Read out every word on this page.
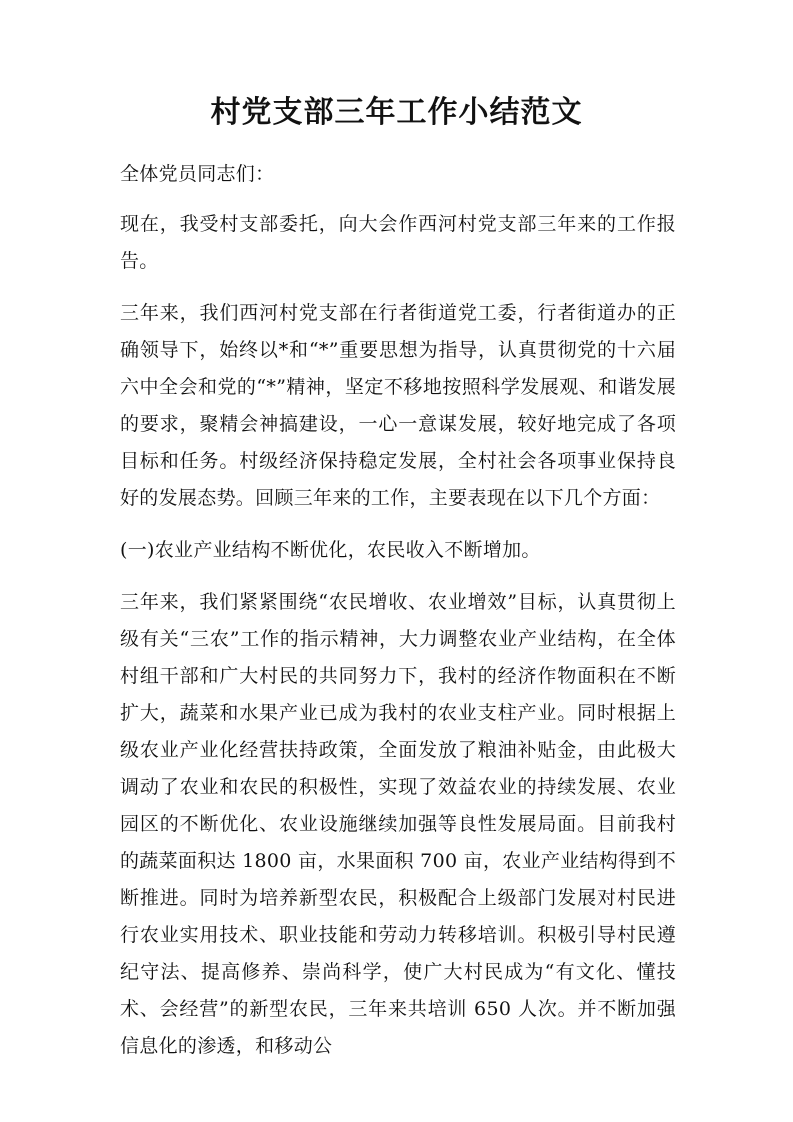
村党支部三年工作小结范文

全体党员同志们：

现在，我受村支部委托，向大会作西河村党支部三年来的工作报告。

三年来，我们西河村党支部在行者街道党工委，行者街道办的正确领导下，始终以*和“*”重要思想为指导，认真贯彻党的十六届六中全会和党的“*”精神，坚定不移地按照科学发展观、和谐发展的要求，聚精会神搞建设，一心一意谋发展，较好地完成了各项目标和任务。村级经济保持稳定发展，全村社会各项事业保持良好的发展态势。回顾三年来的工作，主要表现在以下几个方面：

(一)农业产业结构不断优化，农民收入不断增加。

三年来，我们紧紧围绕“农民增收、农业增效”目标，认真贯彻上级有关“三农”工作的指示精神，大力调整农业产业结构，在全体村组干部和广大村民的共同努力下，我村的经济作物面积在不断扩大，蔬菜和水果产业已成为我村的农业支柱产业。同时根据上级农业产业化经营扶持政策，全面发放了粮油补贴金，由此极大调动了农业和农民的积极性，实现了效益农业的持续发展、农业园区的不断优化、农业设施继续加强等良性发展局面。目前我村的蔬菜面积达 1800 亩，水果面积 700 亩，农业产业结构得到不断推进。同时为培养新型农民，积极配合上级部门发展对村民进行农业实用技术、职业技能和劳动力转移培训。积极引导村民遵纪守法、提高修养、崇尚科学，使广大村民成为“有文化、懂技术、会经营”的新型农民，三年来共培训 650 人次。并不断加强信息化的渗透，和移动公
